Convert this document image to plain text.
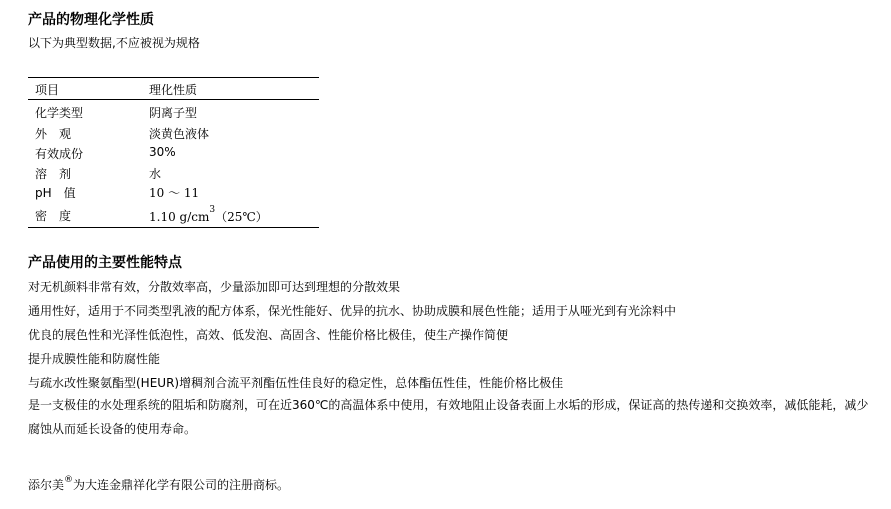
产品的物理化学性质
以下为典型数据,不应被视为规格
项目	理化性质
化学类型	阴离子型
外　观	淡黄色液体
有效成份	30%
溶　剂	水
pH　值	10 ～ 11
密　度	1.10 $g/cm^3(25℃)$
产品使用的主要性能特点
对无机颜料非常有效，分散效率高，少量添加即可达到理想的分散效果
通用性好，适用于不同类型乳液的配方体系，保光性能好、优异的抗水、协助成膜和展色性能；适用于从哑光到有光涂料中
优良的展色性和光泽性低泡性，高效、低发泡、高固含、性能价格比极佳，使生产操作简便
提升成膜性能和防腐性能
与疏水改性聚氨酯型(HEUR)增稠剂合流平剂酯伍性佳良好的稳定性，总体酯伍性佳，性能价格比极佳
是一支极佳的水处理系统的阻垢和防腐剂，可在近360℃的高温体系中使用，有效地阻止设备表面上水垢的形成，保证高的热传递和交换效率，减低能耗，减少腐蚀从而延长设备的使用寿命。
添尔美®为大连金鼎祥化学有限公司的注册商标。
